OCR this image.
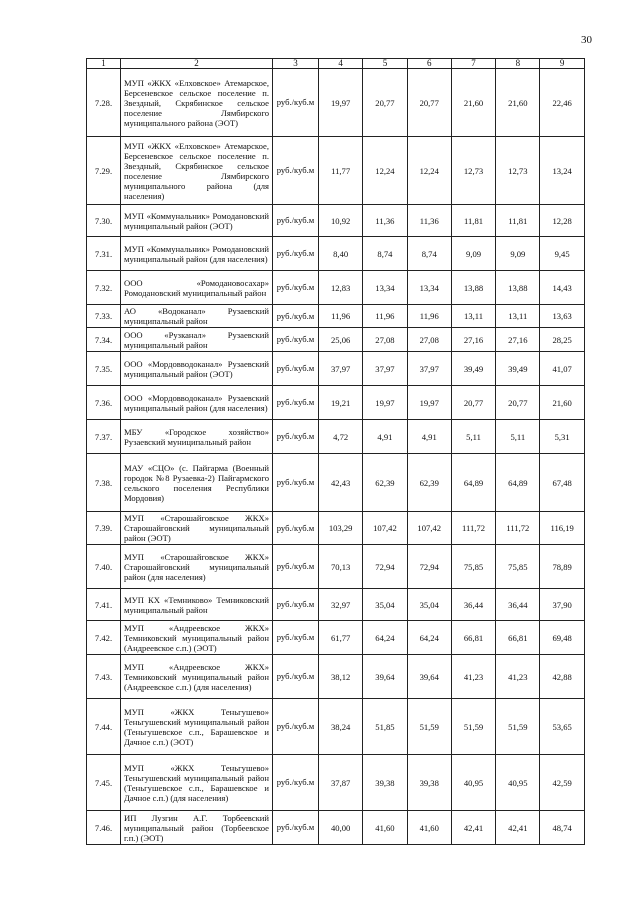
30
1	2	3	4	5	6	7	8	9
7.28.	МУП «ЖКХ «Елховское» Атемарское, Берсеневское сельское поселение п. Звездный, Скрябинское сельское поселение Лямбирского муниципального района (ЭОТ)	руб./куб.м	19,97	20,77	20,77	21,60	21,60	22,46
7.29.	МУП «ЖКХ «Елховское» Атемарское, Берсеневское сельское поселение п. Звездный, Скрябинское сельское поселение Лямбирского муниципального района (для населения)	руб./куб.м	11,77	12,24	12,24	12,73	12,73	13,24
7.30.	МУП «Коммунальник» Ромодановский муниципальный район (ЭОТ)	руб./куб.м	10,92	11,36	11,36	11,81	11,81	12,28
7.31.	МУП «Коммунальник» Ромодановский муниципальный район (для населения)	руб./куб.м	8,40	8,74	8,74	9,09	9,09	9,45
7.32.	ООО «Ромодановосахар» Ромодановский муниципальный район	руб./куб.м	12,83	13,34	13,34	13,88	13,88	14,43
7.33.	АО «Водоканал» Рузаевский муниципальный район	руб./куб.м	11,96	11,96	11,96	13,11	13,11	13,63
7.34.	ООО «Рузканал» Рузаевский муниципальный район	руб./куб.м	25,06	27,08	27,08	27,16	27,16	28,25
7.35.	ООО «Мордовводоканал» Рузаевский муниципальный район (ЭОТ)	руб./куб.м	37,97	37,97	37,97	39,49	39,49	41,07
7.36.	ООО «Мордовводоканал» Рузаевский муниципальный район (для населения)	руб./куб.м	19,21	19,97	19,97	20,77	20,77	21,60
7.37.	МБУ «Городское хозяйство» Рузаевский муниципальный район	руб./куб.м	4,72	4,91	4,91	5,11	5,11	5,31
7.38.	МАУ «СЦО» (с. Пайгарма (Военный городок №8 Рузаевка-2) Пайгармского сельского поселения Республики Мордовия)	руб./куб.м	42,43	62,39	62,39	64,89	64,89	67,48
7.39.	МУП «Старошайговское ЖКХ» Старошайговский муниципальный район (ЭОТ)	руб./куб.м	103,29	107,42	107,42	111,72	111,72	116,19
7.40.	МУП «Старошайговское ЖКХ» Старошайговский муниципальный район (для населения)	руб./куб.м	70,13	72,94	72,94	75,85	75,85	78,89
7.41.	МУП КХ «Темниково» Темниковский муниципальный район	руб./куб.м	32,97	35,04	35,04	36,44	36,44	37,90
7.42.	МУП «Андреевское ЖКХ» Темниковский муниципальный район (Андреевское с.п.) (ЭОТ)	руб./куб.м	61,77	64,24	64,24	66,81	66,81	69,48
7.43.	МУП «Андреевское ЖКХ» Темниковский муниципальный район (Андреевское с.п.) (для населения)	руб./куб.м	38,12	39,64	39,64	41,23	41,23	42,88
7.44.	МУП «ЖКХ Теньгушево» Теньгушевский муниципальный район (Теньгушевское с.п., Барашевское и Дачное с.п.) (ЭОТ)	руб./куб.м	38,24	51,85	51,59	51,59	51,59	53,65
7.45.	МУП «ЖКХ Теньгушево» Теньгушевский муниципальный район (Теньгушевское с.п., Барашевское и Дачное с.п.) (для населения)	руб./куб.м	37,87	39,38	39,38	40,95	40,95	42,59
7.46.	ИП Лузгин А.Г. Торбеевский муниципальный район (Торбеевское г.п.) (ЭОТ)	руб./куб.м	40,00	41,60	41,60	42,41	42,41	48,74
